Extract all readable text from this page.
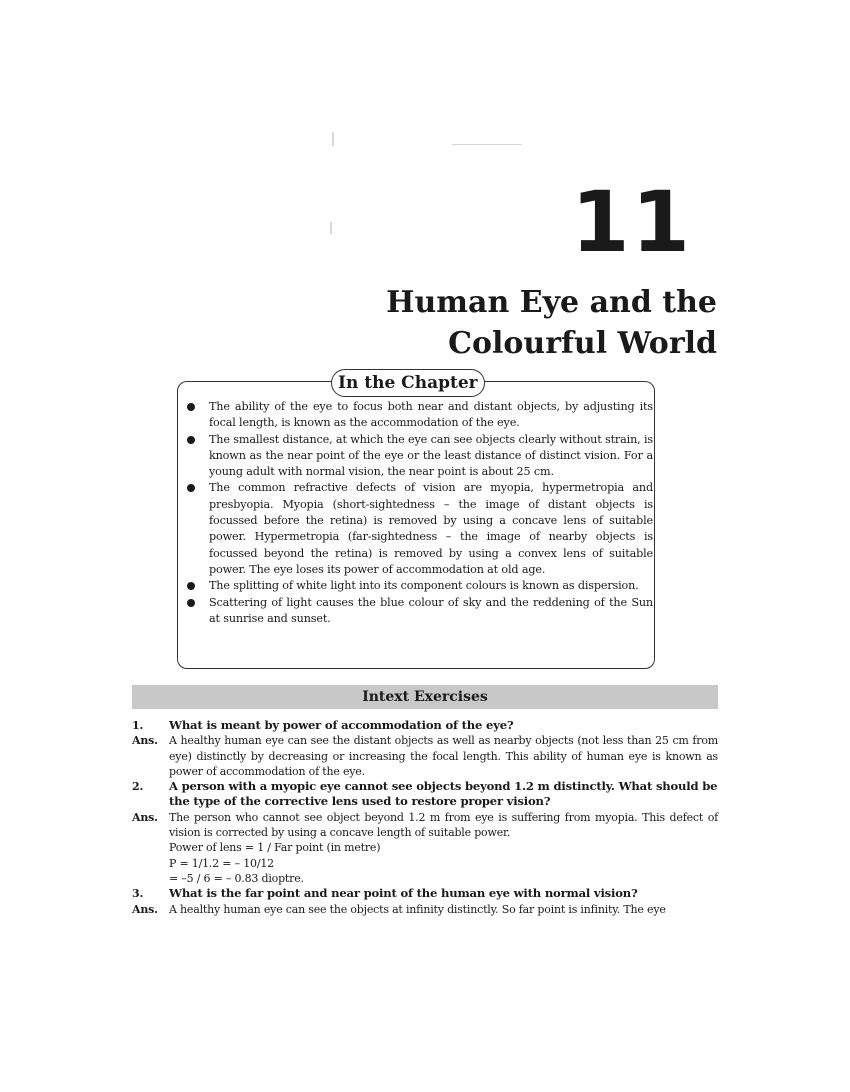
11
Human Eye and the
Colourful World
In the Chapter
The ability of the eye to focus both near and distant objects, by adjusting its focal length, is known as the accommodation of the eye.
The smallest distance, at which the eye can see objects clearly without strain, is known as the near point of the eye or the least distance of distinct vision. For a young adult with normal vision, the near point is about 25 cm.
The common refractive defects of vision are myopia, hypermetropia and presbyopia. Myopia (short-sightedness – the image of distant objects is focussed before the retina) is removed by using a concave lens of suitable power. Hypermetropia (far-sightedness – the image of nearby objects is focussed beyond the retina) is removed by using a convex lens of suitable power. The eye loses its power of accommodation at old age.
The splitting of white light into its component colours is known as dispersion.
Scattering of light causes the blue colour of sky and the reddening of the Sun at sunrise and sunset.
Intext Exercises
1. What is meant by power of accommodation of the eye?
Ans. A healthy human eye can see the distant objects as well as nearby objects (not less than 25 cm from eye) distinctly by decreasing or increasing the focal length. This ability of human eye is known as power of accommodation of the eye.
2. A person with a myopic eye cannot see objects beyond 1.2 m distinctly. What should be the type of the corrective lens used to restore proper vision?
Ans. The person who cannot see object beyond 1.2 m from eye is suffering from myopia. This defect of vision is corrected by using a concave length of suitable power.
Power of lens = 1 / Far point (in metre)
P = 1/1.2 = – 10/12
= –5 / 6 = – 0.83 dioptre.
3. What is the far point and near point of the human eye with normal vision?
Ans. A healthy human eye can see the objects at infinity distinctly. So far point is infinity. The eye
